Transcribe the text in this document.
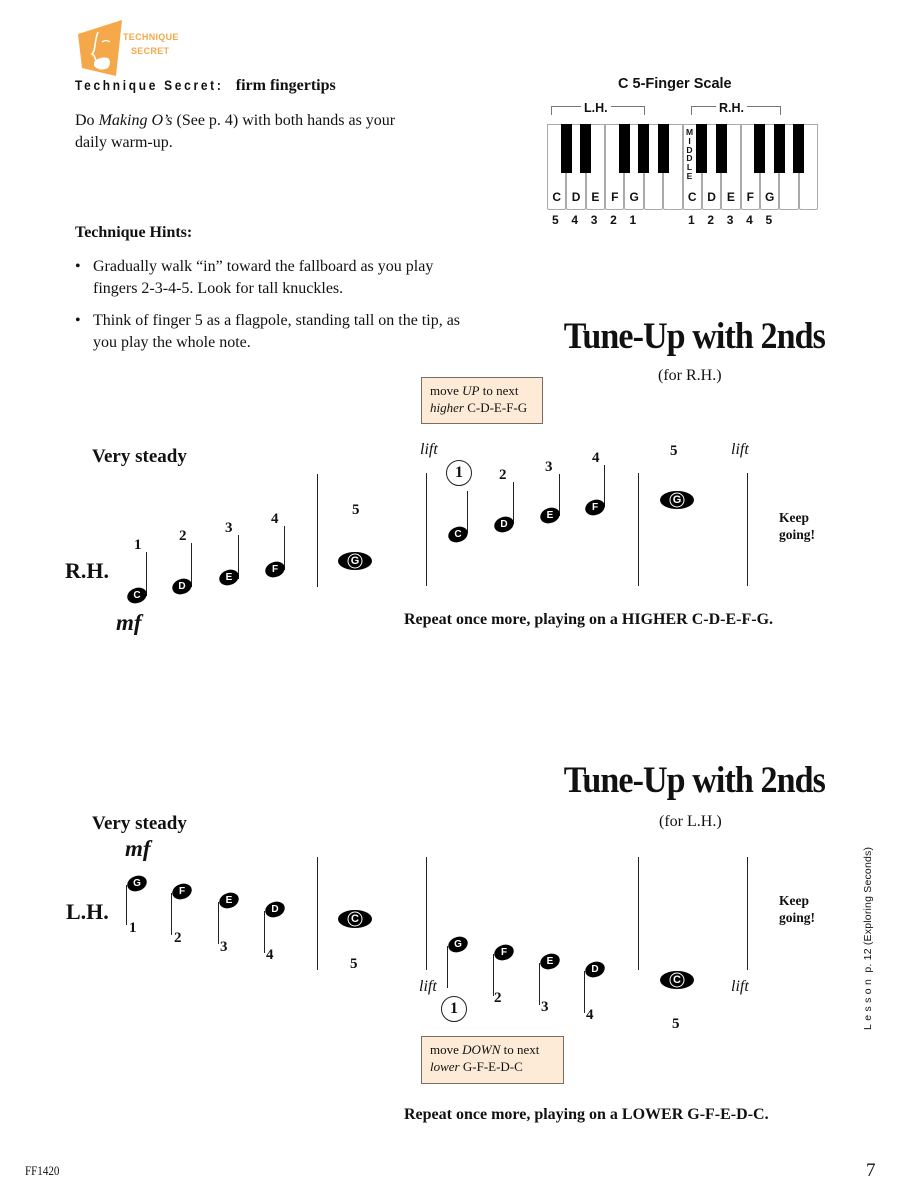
TECHNIQUE
SECRET
Technique Secret: firm fingertips
Do Making O’s (See p. 4) with both hands as your daily warm-up.
Technique Hints:
• Gradually walk “in” toward the fallboard as you play fingers 2-3-4-5. Look for tall knuckles.
• Think of finger 5 as a flagpole, standing tall on the tip, as you play the whole note.
C 5-Finger Scale
L.H.	R.H.
C D E F G	C D E F G
M
I
D
D
L
E
5 4 3 2 1	1 2 3 4 5
Tune-Up with 2nds
(for R.H.)
move UP to next
higher C-D-E-F-G
Very steady
R.H.
mf
C
1
D
2
E
3
F
4
G
5
lift
1
C
D
2
E
3
F
4
G
5	lift
Keep
going!
Repeat once more, playing on a HIGHER C-D-E-F-G.
Tune-Up with 2nds
(for L.H.)
Very steady
mf
L.H.
G
1
F
2
E
3
D
4
C
5
lift
G
1
F
2
E
3
D
4
C
5
lift
Keep
going!
move DOWN to next
lower G-F-E-D-C
Repeat once more, playing on a LOWER G-F-E-D-C.
Lesson p. 12 (Exploring Seconds)
FF1420	7
